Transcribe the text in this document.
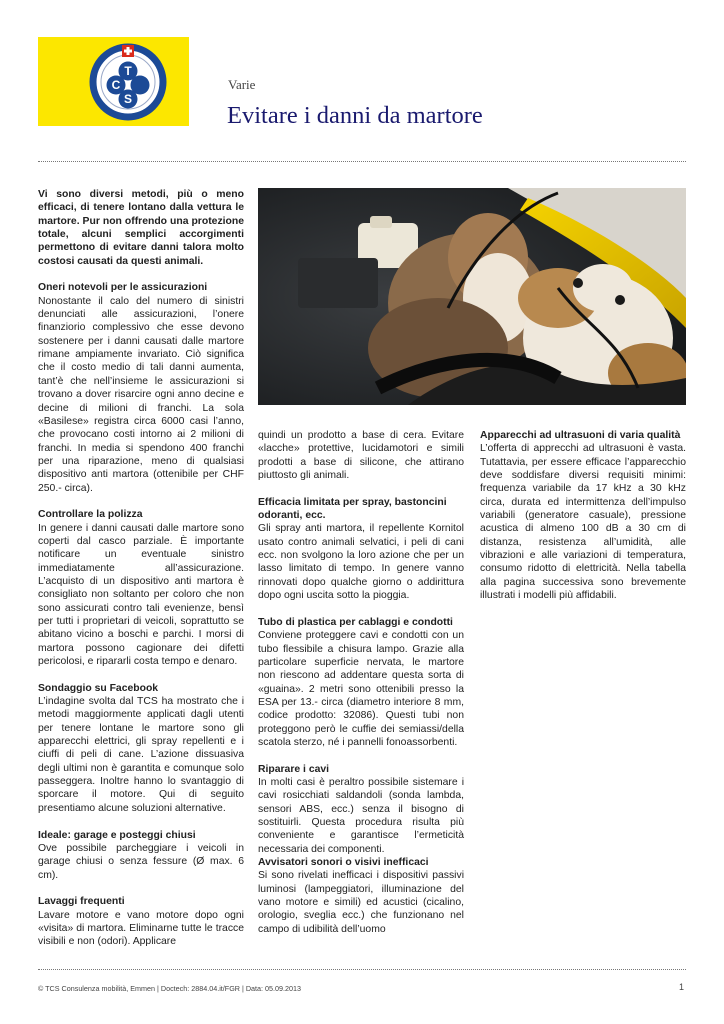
T
C
S
Varie
Evitare i danni da martore

Vi sono diversi metodi, più o meno efficaci, di tenere lontano dalla vettura le martore. Pur non offrendo una protezione totale, alcuni semplici accorgimenti permettono di evitare danni talora molto costosi causati da questi animali.

Oneri notevoli per le assicurazioni

Nonostante il calo del numero di sinistri denunciati alle assicurazioni, l’onere finanziorio complessivo che esse devono sostenere per i danni causati dalle martore rimane ampiamente invariato. Ciò significa che il costo medio di tali danni aumenta, tant’è che nell’insieme le assicurazioni si trovano a dover risarcire ogni anno decine e decine di milioni di franchi. La sola «Basilese» registra circa 6000 casi l’anno, che provocano costi intorno ai 2 milioni di franchi. In media si spendono 400 franchi per una riparazione, meno di qualsiasi dispositivo anti martora (ottenibile per CHF 250.- circa).

Controllare la polizza

In genere i danni causati dalle martore sono coperti dal casco parziale. È importante notificare un eventuale sinistro immediatamente all’assicurazione. L’acquisto di un dispositivo anti martora è consigliato non soltanto per coloro che non sono assicurati contro tali evenienze, bensì per tutti i proprietari di veicoli, soprattutto se abitano vicino a boschi e parchi. I morsi di martora possono cagionare dei difetti pericolosi, e ripararli costa tempo e denaro.

Sondaggio su Facebook

L’indagine svolta dal TCS ha mostrato che i metodi maggiormente applicati dagli utenti per tenere lontane le martore sono gli apparecchi elettrici, gli spray repellenti e i ciuffi di peli di cane. L’azione dissuasiva degli ultimi non è garantita e comunque solo passeggera. Inoltre hanno lo svantaggio di sporcare il motore. Qui di seguito presentiamo alcune soluzioni alternative.

Ideale: garage e posteggi chiusi

Ove possibile parcheggiare i veicoli in garage chiusi o senza fessure (Ø max. 6 cm).

Lavaggi frequenti

Lavare motore e vano motore dopo ogni «visita» di martora. Eliminarne tutte le tracce visibili e non (odori). Applicare

quindi un prodotto a base di cera. Evitare «lacche» protettive, lucidamotori e simili prodotti a base di silicone, che attirano piuttosto gli animali.

Efficacia limitata per spray, bastoncini odoranti, ecc.

Gli spray anti martora, il repellente Kornitol usato contro animali selvatici, i peli di cani ecc. non svolgono la loro azione che per un lasso limitato di tempo. In genere vanno rinnovati dopo qualche giorno o addirittura dopo ogni uscita sotto la pioggia.

Tubo di plastica per cablaggi e condotti

Conviene proteggere cavi e condotti con un tubo flessibile a chisura lampo. Grazie alla particolare superficie nervata, le martore non riescono ad addentare questa sorta di «guaina». 2 metri sono ottenibili presso la ESA per 13.- circa (diametro interiore 8 mm, codice prodotto: 32086). Questi tubi non proteggono però le cuffie dei semiassi/della scatola sterzo, né i pannelli fonoassorbenti.

Riparare i cavi

In molti casi è peraltro possibile sistemare i cavi rosicchiati saldandoli (sonda lambda, sensori ABS, ecc.) senza il bisogno di sostituirli. Questa procedura risulta più conveniente e garantisce l’ermeticità necessaria dei componenti.

Avvisatori sonori o visivi inefficaci

Si sono rivelati inefficaci i dispositivi passivi luminosi (lampeggiatori, illuminazione del vano motore e simili) ed acustici (cicalino, orologio, sveglia ecc.) che funzionano nel campo di udibilità dell’uomo

Apparecchi ad ultrasuoni di varia qualità

L’offerta di apprecchi ad ultrasuoni è vasta. Tutattavia, per essere efficace l’apparecchio deve soddisfare diversi requisiti minimi: frequenza variabile da 17 kHz a 30 kHz circa, durata ed intermittenza dell’impulso variabili (generatore casuale), pressione acustica di almeno 100 dB a 30 cm di distanza, resistenza all’umidità, alle vibrazioni e alle variazioni di temperatura, consumo ridotto di elettricità. Nella tabella alla pagina successiva sono brevemente illustrati i modelli più affidabili.

© TCS Consulenza mobilità, Emmen | Doctech: 2884.04.it/FGR | Data: 05.09.2013	1
